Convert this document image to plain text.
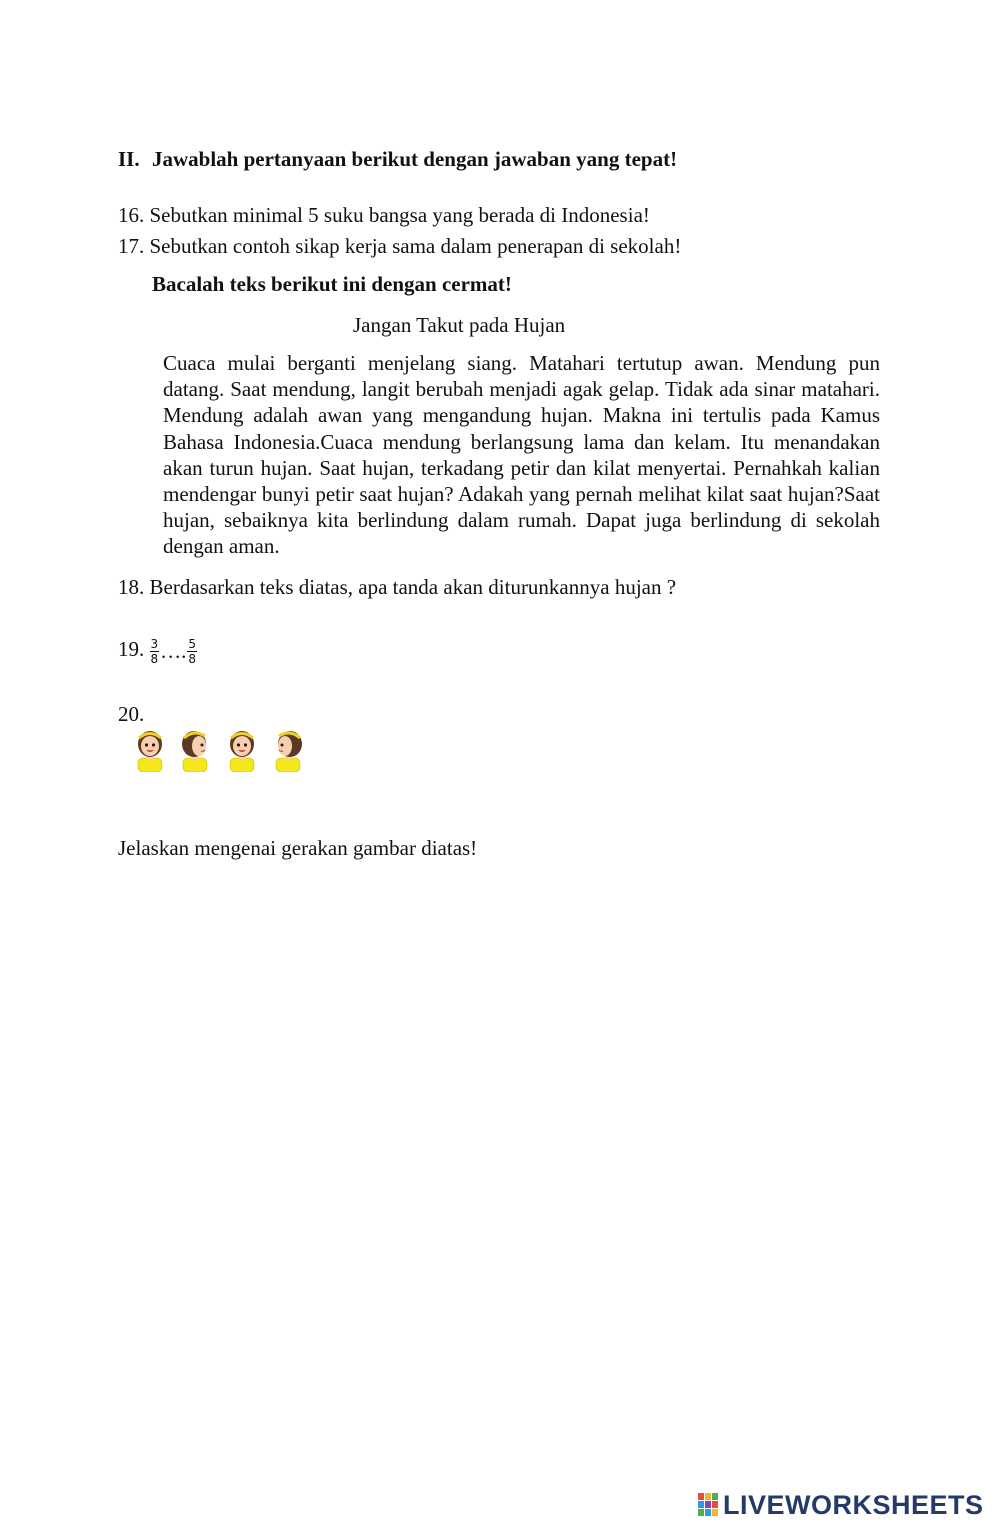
II. Jawablah pertanyaan berikut dengan jawaban yang tepat!

16. Sebutkan minimal 5 suku bangsa yang berada di Indonesia!

17. Sebutkan contoh sikap kerja sama dalam penerapan di sekolah!

Bacalah teks berikut ini dengan cermat!

Jangan Takut pada Hujan

Cuaca mulai berganti menjelang siang. Matahari tertutup awan. Mendung pun datang. Saat mendung, langit berubah menjadi agak gelap. Tidak ada sinar matahari. Mendung adalah awan yang mengandung hujan. Makna ini tertulis pada Kamus Bahasa Indonesia.Cuaca mendung berlangsung lama dan kelam. Itu menandakan akan turun hujan. Saat hujan, terkadang petir dan kilat menyertai. Pernahkah kalian mendengar bunyi petir saat hujan? Adakah yang pernah melihat kilat saat hujan?Saat hujan, sebaiknya kita berlindung dalam rumah. Dapat juga berlindung di sekolah dengan aman.

18. Berdasarkan teks diatas, apa tanda akan diturunkannya hujan ?

19. $\frac{3}{8}$ …. $\frac{5}{8}$

20.

Jelaskan mengenai gerakan gambar diatas!

LIVEWORKSHEETS
